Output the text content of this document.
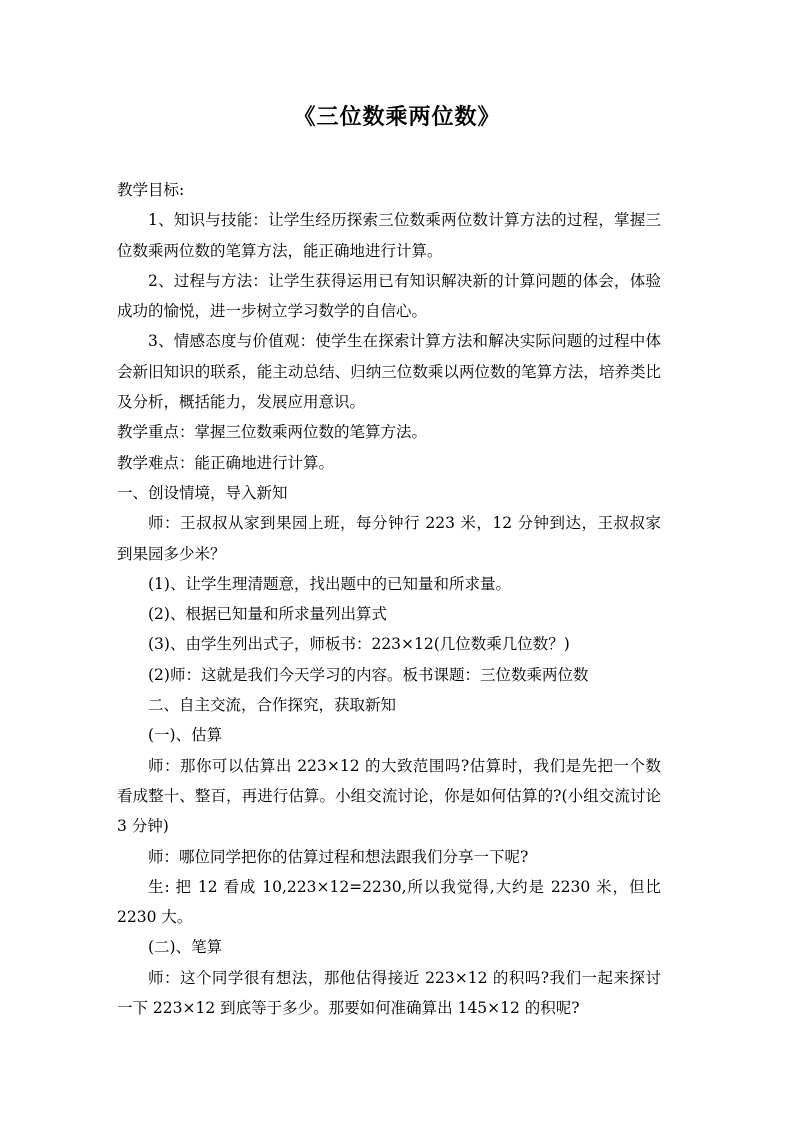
《三位数乘两位数》

教学目标:

1、知识与技能：让学生经历探索三位数乘两位数计算方法的过程，掌握三位数乘两位数的笔算方法，能正确地进行计算。

2、过程与方法：让学生获得运用已有知识解决新的计算问题的体会，体验成功的愉悦，进一步树立学习数学的自信心。

3、情感态度与价值观：使学生在探索计算方法和解决实际问题的过程中体会新旧知识的联系，能主动总结、归纳三位数乘以两位数的笔算方法，培养类比及分析，概括能力，发展应用意识。

教学重点：掌握三位数乘两位数的笔算方法。

教学难点：能正确地进行计算。

一、创设情境，导入新知

师：王叔叔从家到果园上班，每分钟行 223 米，12 分钟到达，王叔叔家到果园多少米？

(1)、让学生理清题意，找出题中的已知量和所求量。

(2)、根据已知量和所求量列出算式

(3)、由学生列出式子，师板书：223×12(几位数乘几位数？)

(2)师：这就是我们今天学习的内容。板书课题：三位数乘两位数

二、自主交流，合作探究，获取新知

(一)、估算

师：那你可以估算出 223×12 的大致范围吗?估算时，我们是先把一个数看成整十、整百，再进行估算。小组交流讨论，你是如何估算的?(小组交流讨论 3 分钟)

师：哪位同学把你的估算过程和想法跟我们分享一下呢?

生: 把 12 看成 10,223×12=2230,所以我觉得,大约是 2230 米，但比 2230 大。

(二)、笔算

师：这个同学很有想法，那他估得接近 223×12 的积吗?我们一起来探讨一下 223×12 到底等于多少。那要如何准确算出 145×12 的积呢?
